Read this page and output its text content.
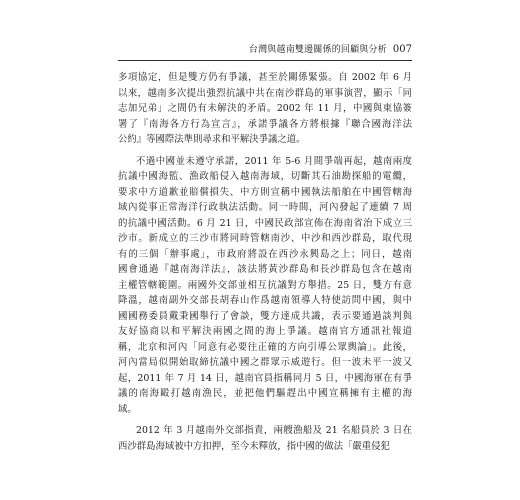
台灣與越南雙邊關係的回顧與分析 007
多項協定，但是雙方仍有爭議，甚至於關係緊張。自 2002 年 6 月
以來，越南多次提出強烈抗議中共在南沙群島的軍事演習，顯示「同
志加兄弟」之間仍有未解決的矛盾。2002 年 11 月，中國與東協簽
署了『南海各方行為宣言』，承諾爭議各方將根據『聯合國海洋法
公約』等國際法準則尋求和平解決爭議之道。
不過中國並未遵守承諾，2011 年 5-6 月間爭端再起，越南兩度
抗議中國海監、漁政船侵入越南海域，切斷其石油勘探船的電纜，
要求中方道歉並賠償損失、中方則宣稱中國執法船舶在中國管轄海
域內從事正常海洋行政執法活動。同一時間，河內發起了連續 7 周
的抗議中國活動。6 月 21 日，中國民政部宣佈在海南省治下成立三
沙市。新成立的三沙市將同時管轄南沙、中沙和西沙群島，取代現
有的三個「辦事處」，市政府將設在西沙永興島之上；同日，越南
國會通過『越南海洋法』，該法將黃沙群島和長沙群島包含在越南
主權管轄範圍。兩國外交部並相互抗議對方舉措。25 日，雙方有意
降溫，越南副外交部長胡春山作爲越南領導人特使訪問中國，與中
國國務委員戴秉國舉行了會談，雙方達成共識，表示要通過談判與
友好協商以和平解決兩國之間的海上爭議。越南官方通訊社報道
稱，北京和河內「同意有必要往正確的方向引導公眾輿論」。此後，
河內當局似開始取締抗議中國之群眾示威遊行。但一波未平一波又
起，2011 年 7 月 14 日，越南官員指稱同月 5 日，中國海軍在有爭
議的南海毆打越南漁民，並把他們驅趕出中國宣稱擁有主權的海
域。
2012 年 3 月越南外交部指責，兩艘漁船及 21 名船員於 3 日在
西沙群島海域被中方扣押，至今未釋放，指中國的做法「嚴重侵犯
